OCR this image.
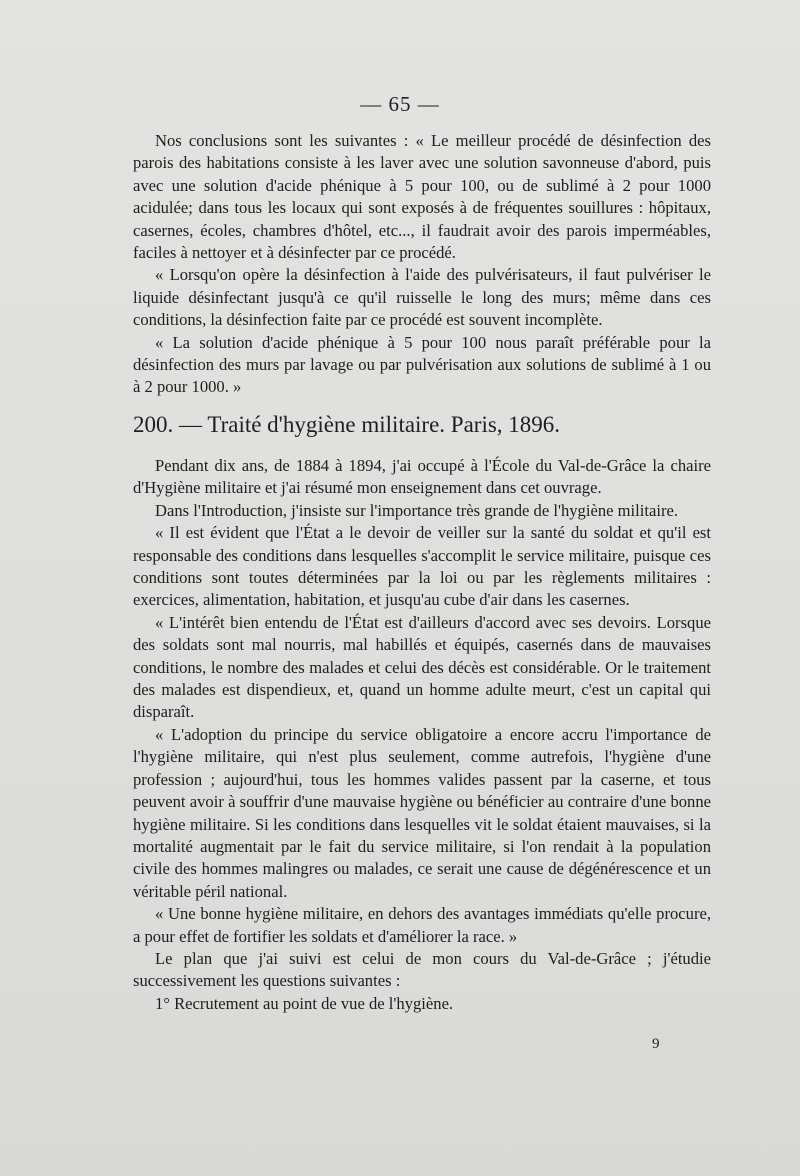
— 65 —

Nos conclusions sont les suivantes : « Le meilleur procédé de désinfection des parois des habitations consiste à les laver avec une solution savonneuse d'abord, puis avec une solution d'acide phénique à 5 pour 100, ou de sublimé à 2 pour 1000 acidulée; dans tous les locaux qui sont exposés à de fréquentes souillures : hôpitaux, casernes, écoles, chambres d'hôtel, etc..., il faudrait avoir des parois imperméables, faciles à nettoyer et à désinfecter par ce procédé.

« Lorsqu'on opère la désinfection à l'aide des pulvérisateurs, il faut pulvériser le liquide désinfectant jusqu'à ce qu'il ruisselle le long des murs; même dans ces conditions, la désinfection faite par ce procédé est souvent incomplète.

« La solution d'acide phénique à 5 pour 100 nous paraît préférable pour la désinfection des murs par lavage ou par pulvérisation aux solutions de sublimé à 1 ou à 2 pour 1000. »

200. — Traité d'hygiène militaire. Paris, 1896.

Pendant dix ans, de 1884 à 1894, j'ai occupé à l'École du Val-de-Grâce la chaire d'Hygiène militaire et j'ai résumé mon enseignement dans cet ouvrage.

Dans l'Introduction, j'insiste sur l'importance très grande de l'hygiène militaire.

« Il est évident que l'État a le devoir de veiller sur la santé du soldat et qu'il est responsable des conditions dans lesquelles s'accomplit le service militaire, puisque ces conditions sont toutes déterminées par la loi ou par les règlements militaires : exercices, alimentation, habitation, et jusqu'au cube d'air dans les casernes.

« L'intérêt bien entendu de l'État est d'ailleurs d'accord avec ses devoirs. Lorsque des soldats sont mal nourris, mal habillés et équipés, casernés dans de mauvaises conditions, le nombre des malades et celui des décès est considérable. Or le traitement des malades est dispendieux, et, quand un homme adulte meurt, c'est un capital qui disparaît.

« L'adoption du principe du service obligatoire a encore accru l'importance de l'hygiène militaire, qui n'est plus seulement, comme autrefois, l'hygiène d'une profession ; aujourd'hui, tous les hommes valides passent par la caserne, et tous peuvent avoir à souffrir d'une mauvaise hygiène ou bénéficier au contraire d'une bonne hygiène militaire. Si les conditions dans lesquelles vit le soldat étaient mauvaises, si la mortalité augmentait par le fait du service militaire, si l'on rendait à la population civile des hommes malingres ou malades, ce serait une cause de dégénérescence et un véritable péril national.

« Une bonne hygiène militaire, en dehors des avantages immédiats qu'elle procure, a pour effet de fortifier les soldats et d'améliorer la race. »

Le plan que j'ai suivi est celui de mon cours du Val-de-Grâce ; j'étudie successivement les questions suivantes :

1° Recrutement au point de vue de l'hygiène.

9
